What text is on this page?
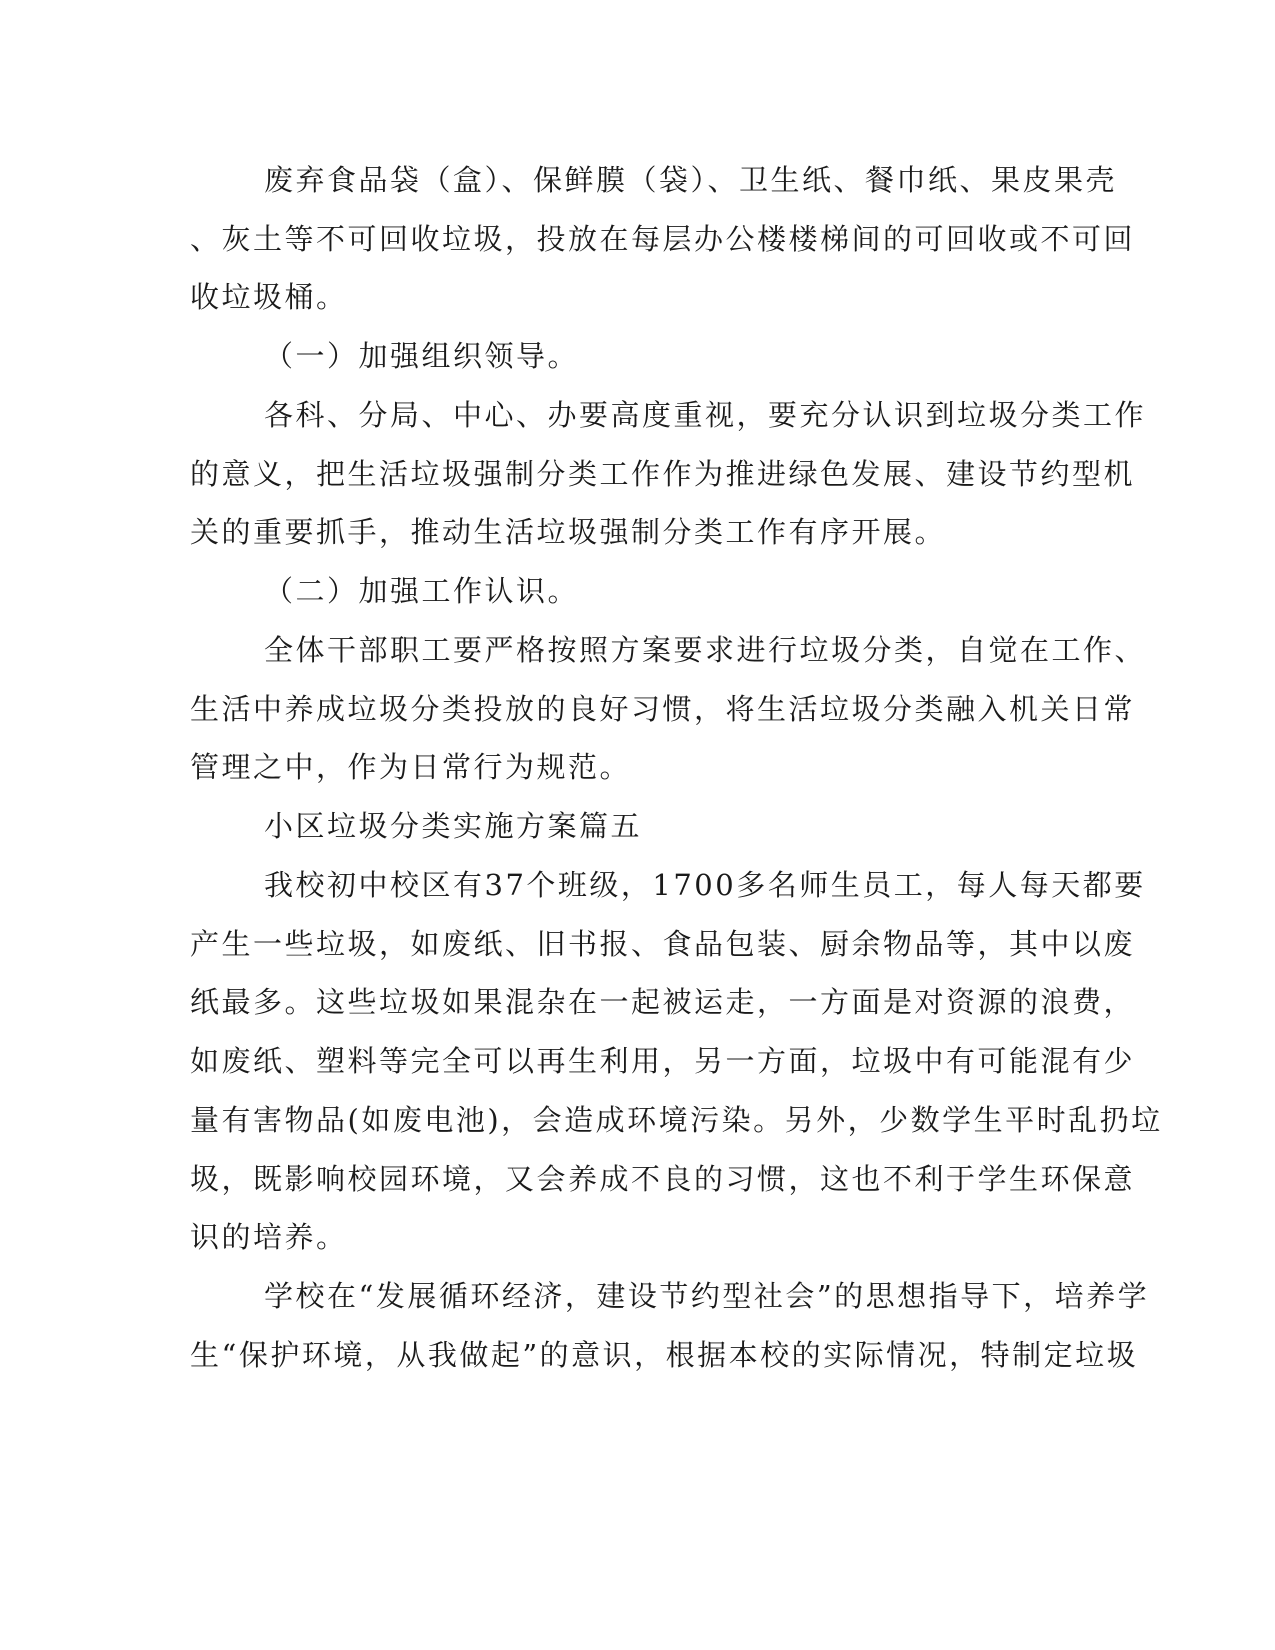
废弃食品袋（盒）、保鲜膜（袋）、卫生纸、餐巾纸、果皮果壳
、灰土等不可回收垃圾，投放在每层办公楼楼梯间的可回收或不可回
收垃圾桶。
（一）加强组织领导。
各科、分局、中心、办要高度重视，要充分认识到垃圾分类工作
的意义，把生活垃圾强制分类工作作为推进绿色发展、建设节约型机
关的重要抓手，推动生活垃圾强制分类工作有序开展。
（二）加强工作认识。
全体干部职工要严格按照方案要求进行垃圾分类，自觉在工作、
生活中养成垃圾分类投放的良好习惯，将生活垃圾分类融入机关日常
管理之中，作为日常行为规范。
小区垃圾分类实施方案篇五
我校初中校区有37个班级，1700多名师生员工，每人每天都要
产生一些垃圾，如废纸、旧书报、食品包装、厨余物品等，其中以废
纸最多。这些垃圾如果混杂在一起被运走，一方面是对资源的浪费，
如废纸、塑料等完全可以再生利用，另一方面，垃圾中有可能混有少
量有害物品(如废电池)，会造成环境污染。另外，少数学生平时乱扔垃
圾，既影响校园环境，又会养成不良的习惯，这也不利于学生环保意
识的培养。
学校在“发展循环经济，建设节约型社会”的思想指导下，培养学
生“保护环境，从我做起”的意识，根据本校的实际情况，特制定垃圾
